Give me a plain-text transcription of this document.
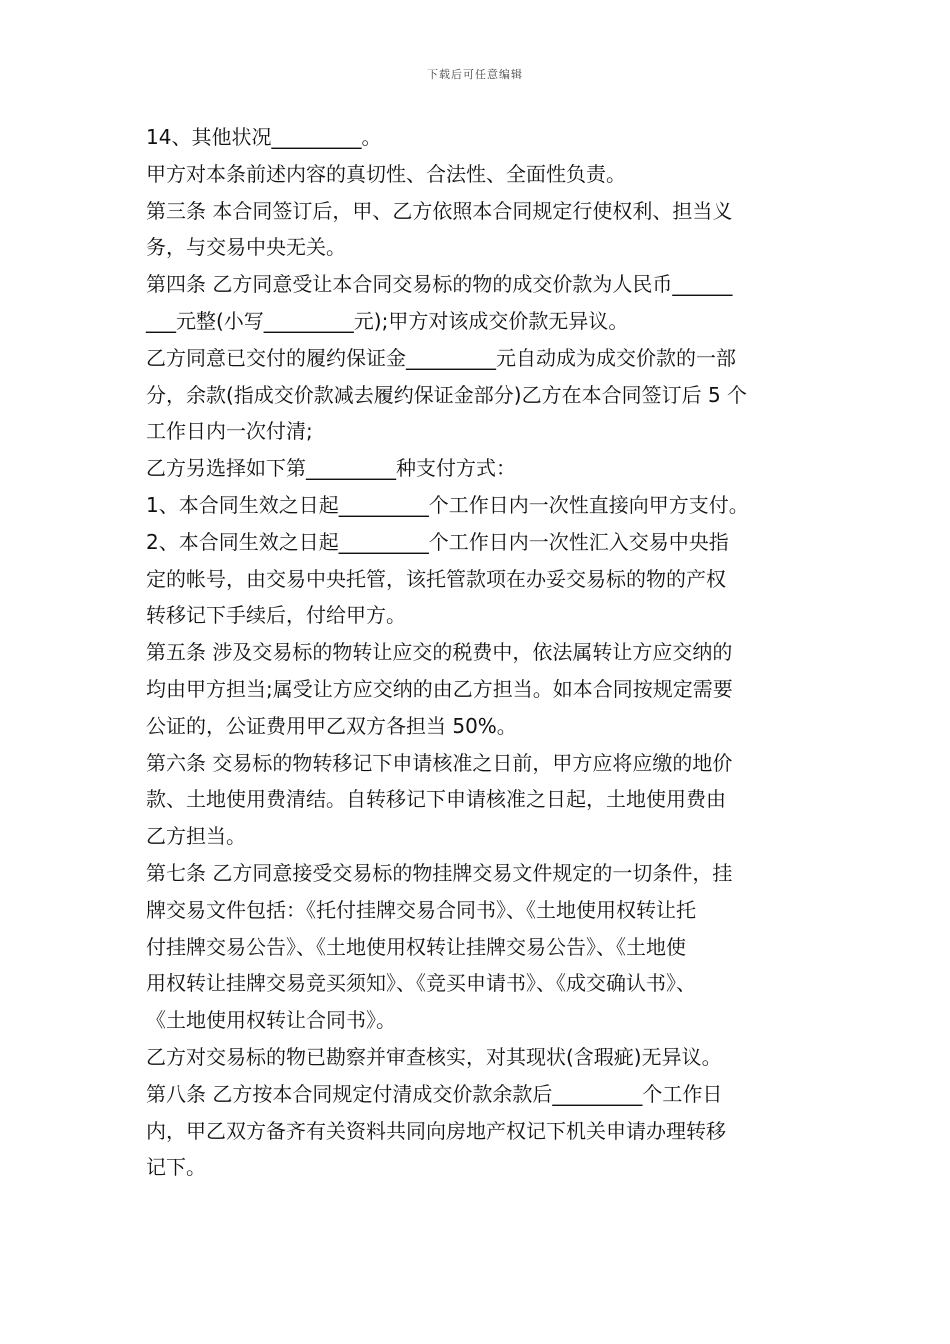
下载后可任意编辑
14、其他状况_________。
甲方对本条前述内容的真切性、合法性、全面性负责。
第三条 本合同签订后，甲、乙方依照本合同规定行使权利、担当义
务，与交易中央无关。
第四条 乙方同意受让本合同交易标的物的成交价款为人民币______
___元整(小写_________元);甲方对该成交价款无异议。
乙方同意已交付的履约保证金_________元自动成为成交价款的一部
分，余款(指成交价款减去履约保证金部分)乙方在本合同签订后 5 个
工作日内一次付清;
乙方另选择如下第_________种支付方式：
1、本合同生效之日起_________个工作日内一次性直接向甲方支付。
2、本合同生效之日起_________个工作日内一次性汇入交易中央指
定的帐号，由交易中央托管，该托管款项在办妥交易标的物的产权
转移记下手续后，付给甲方。
第五条 涉及交易标的物转让应交的税费中，依法属转让方应交纳的
均由甲方担当;属受让方应交纳的由乙方担当。如本合同按规定需要
公证的，公证费用甲乙双方各担当 50%。
第六条 交易标的物转移记下申请核准之日前，甲方应将应缴的地价
款、土地使用费清结。自转移记下申请核准之日起，土地使用费由
乙方担当。
第七条 乙方同意接受交易标的物挂牌交易文件规定的一切条件，挂
牌交易文件包括：《托付挂牌交易合同书》、《土地使用权转让托
付挂牌交易公告》、《土地使用权转让挂牌交易公告》、《土地使
用权转让挂牌交易竞买须知》、《竞买申请书》、《成交确认书》、
《土地使用权转让合同书》。
乙方对交易标的物已勘察并审查核实，对其现状(含瑕疵)无异议。
第八条 乙方按本合同规定付清成交价款余款后_________个工作日
内，甲乙双方备齐有关资料共同向房地产权记下机关申请办理转移
记下。
